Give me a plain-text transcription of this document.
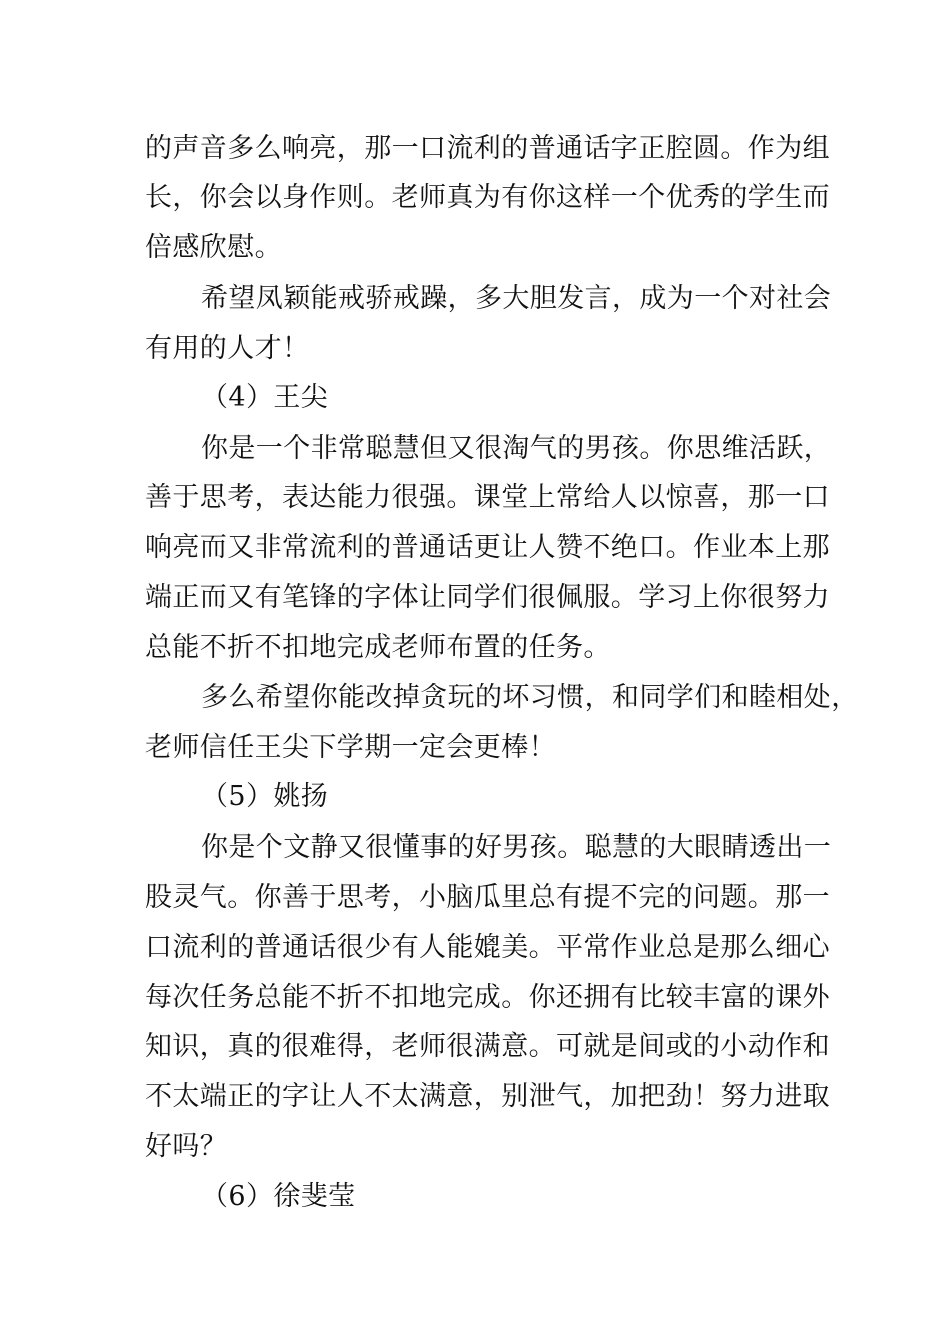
的声音多么响亮，那一口流利的普通话字正腔圆。作为组
长，你会以身作则。老师真为有你这样一个优秀的学生而
倍感欣慰。
希望凤颖能戒骄戒躁，多大胆发言，成为一个对社会
有用的人才！
（4）王尖
你是一个非常聪慧但又很淘气的男孩。你思维活跃，
善于思考，表达能力很强。课堂上常给人以惊喜，那一口
响亮而又非常流利的普通话更让人赞不绝口。作业本上那
端正而又有笔锋的字体让同学们很佩服。学习上你很努力
总能不折不扣地完成老师布置的任务。
多么希望你能改掉贪玩的坏习惯，和同学们和睦相处，
老师信任王尖下学期一定会更棒！
（5）姚扬
你是个文静又很懂事的好男孩。聪慧的大眼睛透出一
股灵气。你善于思考，小脑瓜里总有提不完的问题。那一
口流利的普通话很少有人能媲美。平常作业总是那么细心
每次任务总能不折不扣地完成。你还拥有比较丰富的课外
知识，真的很难得，老师很满意。可就是间或的小动作和
不太端正的字让人不太满意，别泄气，加把劲！努力进取
好吗？
（6）徐斐莹
